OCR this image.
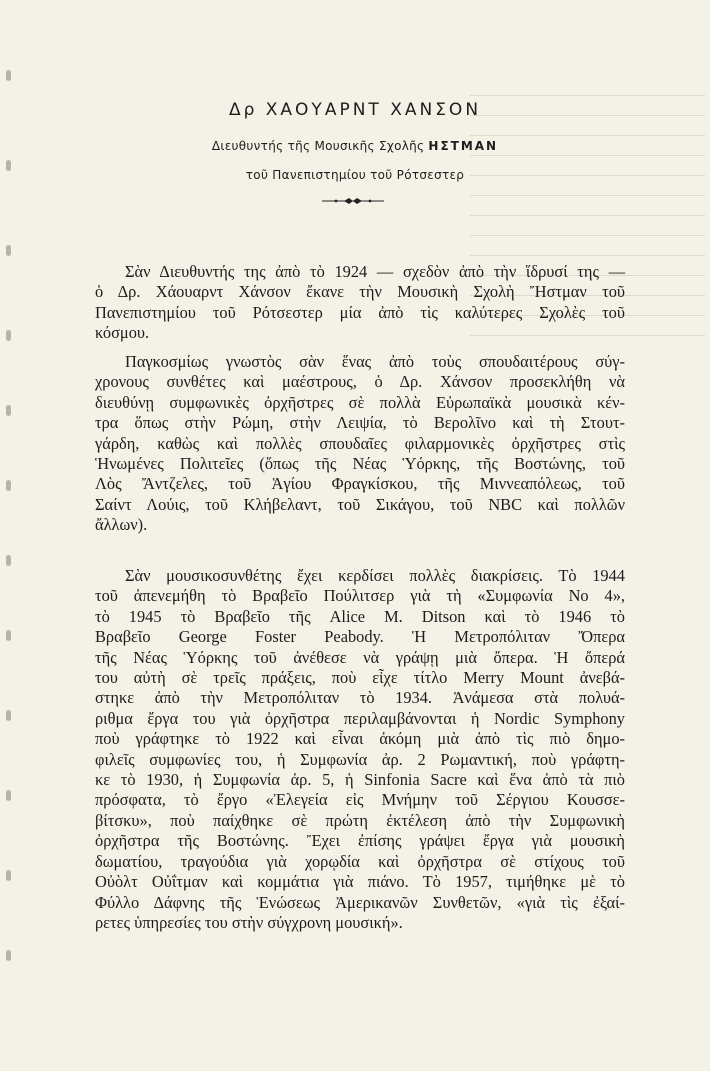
Δρ ΧΑΟΥΑΡΝΤ ΧΑΝΣΟΝ
Διευθυντής τῆς Μουσικῆς Σχολῆς ΗΣΤΜΑΝ
τοῦ Πανεπιστημίου τοῦ Ρότσεστερ
Σὰν Διευθυντής της ἀπὸ τὸ 1924 — σχεδὸν ἀπὸ τὴν ἵδρυσί της —
ὁ Δρ. Χάουαρντ Χάνσον ἔκανε τὴν Μουσικὴ Σχολὴ Ἤστμαν τοῦ
Πανεπιστημίου τοῦ Ρότσεστερ μία ἀπὸ τὶς καλύτερες Σχολὲς τοῦ
κόσμου.
Παγκοσμίως γνωστὸς σὰν ἕνας ἀπὸ τοὺς σπουδαιτέρους σύγ-
χρονους συνθέτες καὶ μαέστρους, ὁ Δρ. Χάνσον προσεκλήθη νὰ
διευθύνῃ συμφωνικὲς ὀρχῆστρες σὲ πολλὰ Εὐρωπαϊκὰ μουσικὰ κέν-
τρα ὅπως στὴν Ρώμη, στὴν Λειψία, τὸ Βερολῖνο καὶ τὴ Στουτ-
γάρδη, καθὼς καὶ πολλὲς σπουδαῖες φιλαρμονικὲς ὀρχῆστρες στὶς
Ἡνωμένες Πολιτεῖες (ὅπως τῆς Νέας Ὑόρκης, τῆς Βοστώνης, τοῦ
Λὸς Ἄντζελες, τοῦ Ἁγίου Φραγκίσκου, τῆς Μιννεαπόλεως, τοῦ
Σαίντ Λούις, τοῦ Κλήβελαντ, τοῦ Σικάγου, τοῦ NBC καὶ πολλῶν
ἄλλων).
Σὰν μουσικοσυνθέτης ἔχει κερδίσει πολλὲς διακρίσεις. Τὸ 1944
τοῦ ἀπενεμήθη τὸ Βραβεῖο Πούλιτσερ γιὰ τὴ «Συμφωνία Νο 4»,
τὸ 1945 τὸ Βραβεῖο τῆς Alice M. Ditson καὶ τὸ 1946 τὸ
Βραβεῖο George Foster Peabody. Ἡ Μετροπόλιταν Ὄπερα
τῆς Νέας Ὑόρκης τοῦ ἀνέθεσε νὰ γράψῃ μιὰ ὄπερα. Ἡ ὄπερά
του αὐτὴ σὲ τρεῖς πράξεις, ποὺ εἶχε τίτλο Merry Mount ἀνεβά-
στηκε ἀπὸ τὴν Μετροπόλιταν τὸ 1934. Ἀνάμεσα στὰ πολυά-
ριθμα ἔργα του γιὰ ὀρχῆστρα περιλαμβάνονται ἡ Nordic Symphony
ποὺ γράφτηκε τὸ 1922 καὶ εἶναι ἀκόμη μιὰ ἀπὸ τὶς πιὸ δημο-
φιλεῖς συμφωνίες του, ἡ Συμφωνία ἀρ. 2 Ρωμαντική, ποὺ γράφτη-
κε τὸ 1930, ἡ Συμφωνία ἀρ. 5, ἡ Sinfonia Sacre καὶ ἕνα ἀπὸ τὰ πιὸ
πρόσφατα, τὸ ἔργο «Ἐλεγεία εἰς Μνήμην τοῦ Σέργιου Κουσσε-
βίτσκυ», ποὺ παίχθηκε σὲ πρώτη ἐκτέλεση ἀπὸ τὴν Συμφωνικὴ
ὀρχῆστρα τῆς Βοστώνης. Ἔχει ἐπίσης γράψει ἔργα γιὰ μουσικὴ
δωματίου, τραγούδια γιὰ χορῳδία καὶ ὀρχῆστρα σὲ στίχους τοῦ
Οὐὸλτ Οὐΐτμαν καὶ κομμάτια γιὰ πιάνο. Τὸ 1957, τιμήθηκε μὲ τὸ
Φύλλο Δάφνης τῆς Ἑνώσεως Ἀμερικανῶν Συνθετῶν, «γιὰ τὶς ἐξαί-
ρετες ὑπηρεσίες του στὴν σύγχρονη μουσική».
